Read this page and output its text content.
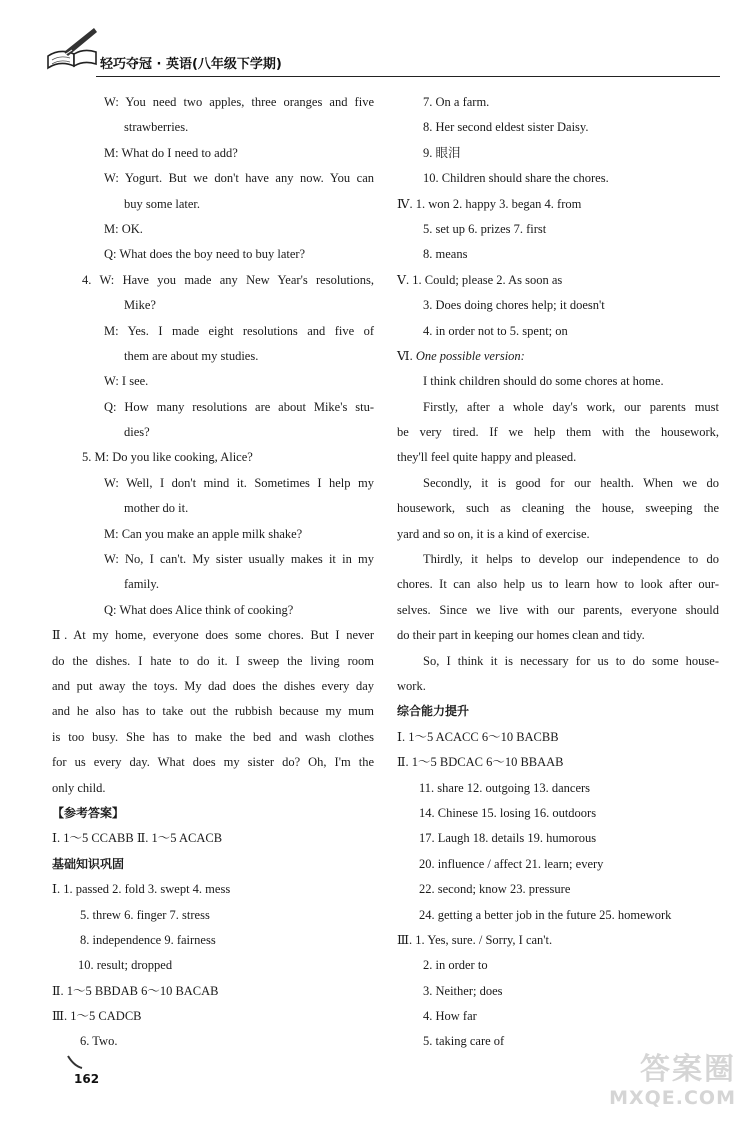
轻巧夺冠 · 英语(八年级下学期)
W: You need two apples, three oranges and five
strawberries.
M: What do I need to add?
W: Yogurt. But we don't have any now. You can
buy some later.
M: OK.
Q: What does the boy need to buy later?
4. W: Have you made any New Year's resolutions,
Mike?
M: Yes. I made eight resolutions and five of
them are about my studies.
W: I see.
Q: How many resolutions are about Mike's stu-
dies?
5. M: Do you like cooking, Alice?
W: Well, I don't mind it. Sometimes I help my
mother do it.
M: Can you make an apple milk shake?
W: No, I can't. My sister usually makes it in my
family.
Q: What does Alice think of cooking?
Ⅱ. At my home, everyone does some chores. But I never
do the dishes. I hate to do it. I sweep the living room
and put away the toys. My dad does the dishes every day
and he also has to take out the rubbish because my mum
is too busy. She has to make the bed and wash clothes
for us every day. What does my sister do? Oh, I'm the
only child.
【参考答案】
Ⅰ. 1～5 CCABB Ⅱ. 1～5 ACACB
基础知识巩固
Ⅰ. 1. passed 2. fold 3. swept 4. mess
5. threw 6. finger 7. stress
8. independence 9. fairness
10. result; dropped
Ⅱ. 1～5 BBDAB 6～10 BACAB
Ⅲ. 1～5 CADCB
6. Two.
7. On a farm.
8. Her second eldest sister Daisy.
9. 眼泪
10. Children should share the chores.
Ⅳ. 1. won 2. happy 3. began 4. from
5. set up 6. prizes 7. first
8. means
Ⅴ. 1. Could; please 2. As soon as
3. Does doing chores help; it doesn't
4. in order not to 5. spent; on
Ⅵ. One possible version:
I think children should do some chores at home.
Firstly, after a whole day's work, our parents must
be very tired. If we help them with the housework,
they'll feel quite happy and pleased.
Secondly, it is good for our health. When we do
housework, such as cleaning the house, sweeping the
yard and so on, it is a kind of exercise.
Thirdly, it helps to develop our independence to do
chores. It can also help us to learn how to look after our-
selves. Since we live with our parents, everyone should
do their part in keeping our homes clean and tidy.
So, I think it is necessary for us to do some house-
work.
综合能力提升
Ⅰ. 1～5 ACACC 6～10 BACBB
Ⅱ. 1～5 BDCAC 6～10 BBAAB
11. share 12. outgoing 13. dancers
14. Chinese 15. losing 16. outdoors
17. Laugh 18. details 19. humorous
20. influence / affect 21. learn; every
22. second; know 23. pressure
24. getting a better job in the future 25. homework
Ⅲ. 1. Yes, sure. / Sorry, I can't.
2. in order to
3. Neither; does
4. How far
5. taking care of
162	答案圈
MXQE.COM
